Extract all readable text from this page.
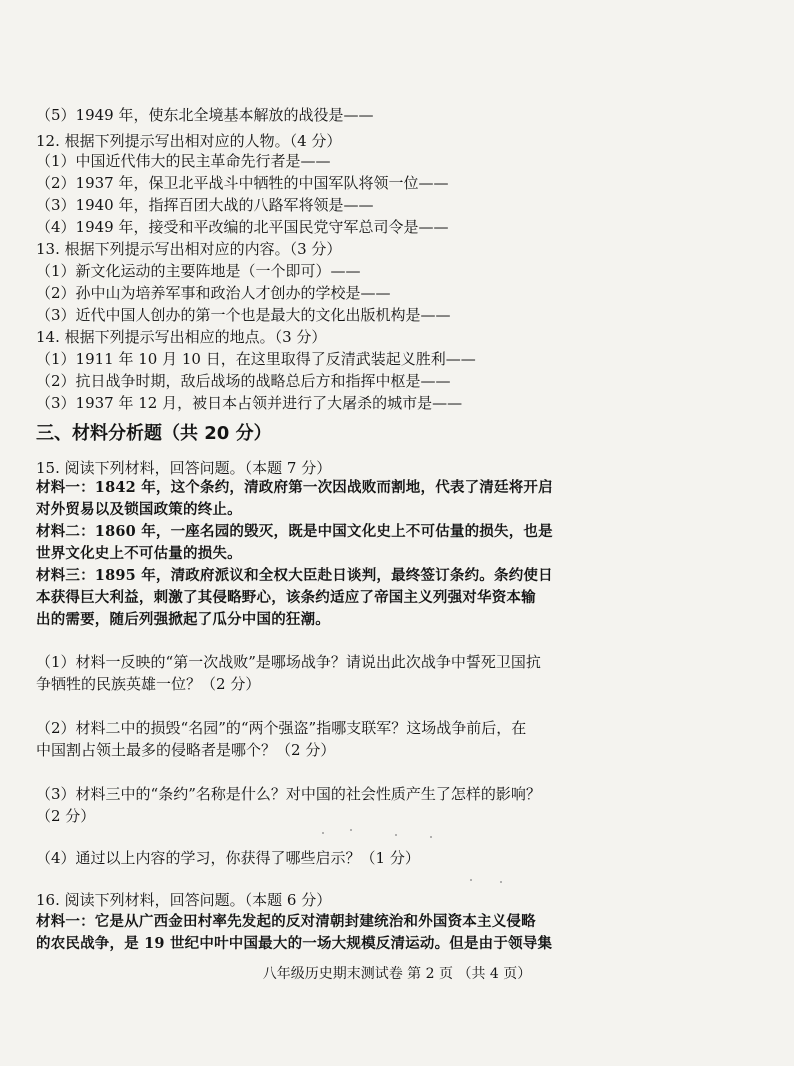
（5）1949 年，使东北全境基本解放的战役是——
12. 根据下列提示写出相对应的人物。（4 分）
（1）中国近代伟大的民主革命先行者是——
（2）1937 年，保卫北平战斗中牺牲的中国军队将领一位——
（3）1940 年，指挥百团大战的八路军将领是——
（4）1949 年，接受和平改编的北平国民党守军总司令是——
13. 根据下列提示写出相对应的内容。（3 分）
（1）新文化运动的主要阵地是（一个即可）——
（2）孙中山为培养军事和政治人才创办的学校是——
（3）近代中国人创办的第一个也是最大的文化出版机构是——
14. 根据下列提示写出相应的地点。（3 分）
（1）1911 年 10 月 10 日，在这里取得了反清武装起义胜利——
（2）抗日战争时期，敌后战场的战略总后方和指挥中枢是——
（3）1937 年 12 月，被日本占领并进行了大屠杀的城市是——
三、材料分析题（共 20 分）
15. 阅读下列材料，回答问题。（本题 7 分）
材料一：1842 年，这个条约，清政府第一次因战败而割地，代表了清廷将开启
对外贸易以及锁国政策的终止。
材料二：1860 年，一座名园的毁灭，既是中国文化史上不可估量的损失，也是
世界文化史上不可估量的损失。
材料三：1895 年，清政府派议和全权大臣赴日谈判，最终签订条约。条约使日
本获得巨大利益，刺激了其侵略野心，该条约适应了帝国主义列强对华资本输
出的需要，随后列强掀起了瓜分中国的狂潮。
（1）材料一反映的“第一次战败”是哪场战争？请说出此次战争中誓死卫国抗
争牺牲的民族英雄一位？（2 分）
（2）材料二中的损毁“名园”的“两个强盗”指哪支联军？这场战争前后，在
中国割占领土最多的侵略者是哪个？（2 分）
（3）材料三中的“条约”名称是什么？对中国的社会性质产生了怎样的影响？
（2 分）
（4）通过以上内容的学习，你获得了哪些启示？（1 分）
16. 阅读下列材料，回答问题。（本题 6 分）
材料一：它是从广西金田村率先发起的反对清朝封建统治和外国资本主义侵略
的农民战争，是 19 世纪中叶中国最大的一场大规模反清运动。但是由于领导集
八年级历史期末测试卷 第 2 页 （共 4 页）
